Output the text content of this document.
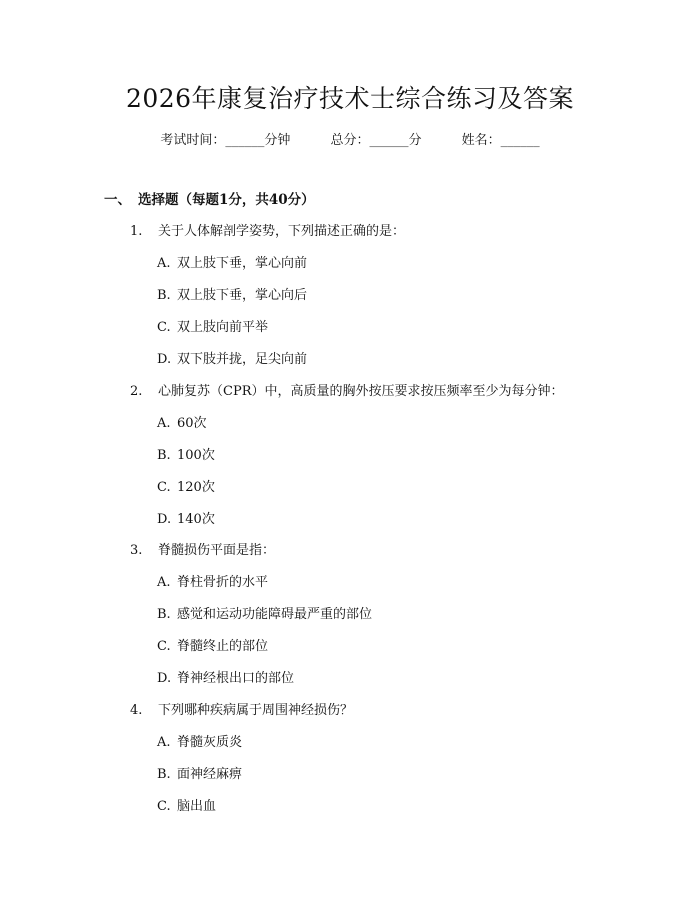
2026年康复治疗技术士综合练习及答案
考试时间：______分钟	总分：______分	姓名：______
一、 选择题（每题1分，共40分）
1. 关于人体解剖学姿势，下列描述正确的是：
A. 双上肢下垂，掌心向前
B. 双上肢下垂，掌心向后
C. 双上肢向前平举
D. 双下肢并拢，足尖向前
2. 心肺复苏（CPR）中，高质量的胸外按压要求按压频率至少为每分钟：
A. 60次
B. 100次
C. 120次
D. 140次
3. 脊髓损伤平面是指：
A. 脊柱骨折的水平
B. 感觉和运动功能障碍最严重的部位
C. 脊髓终止的部位
D. 脊神经根出口的部位
4. 下列哪种疾病属于周围神经损伤？
A. 脊髓灰质炎
B. 面神经麻痹
C. 脑出血
